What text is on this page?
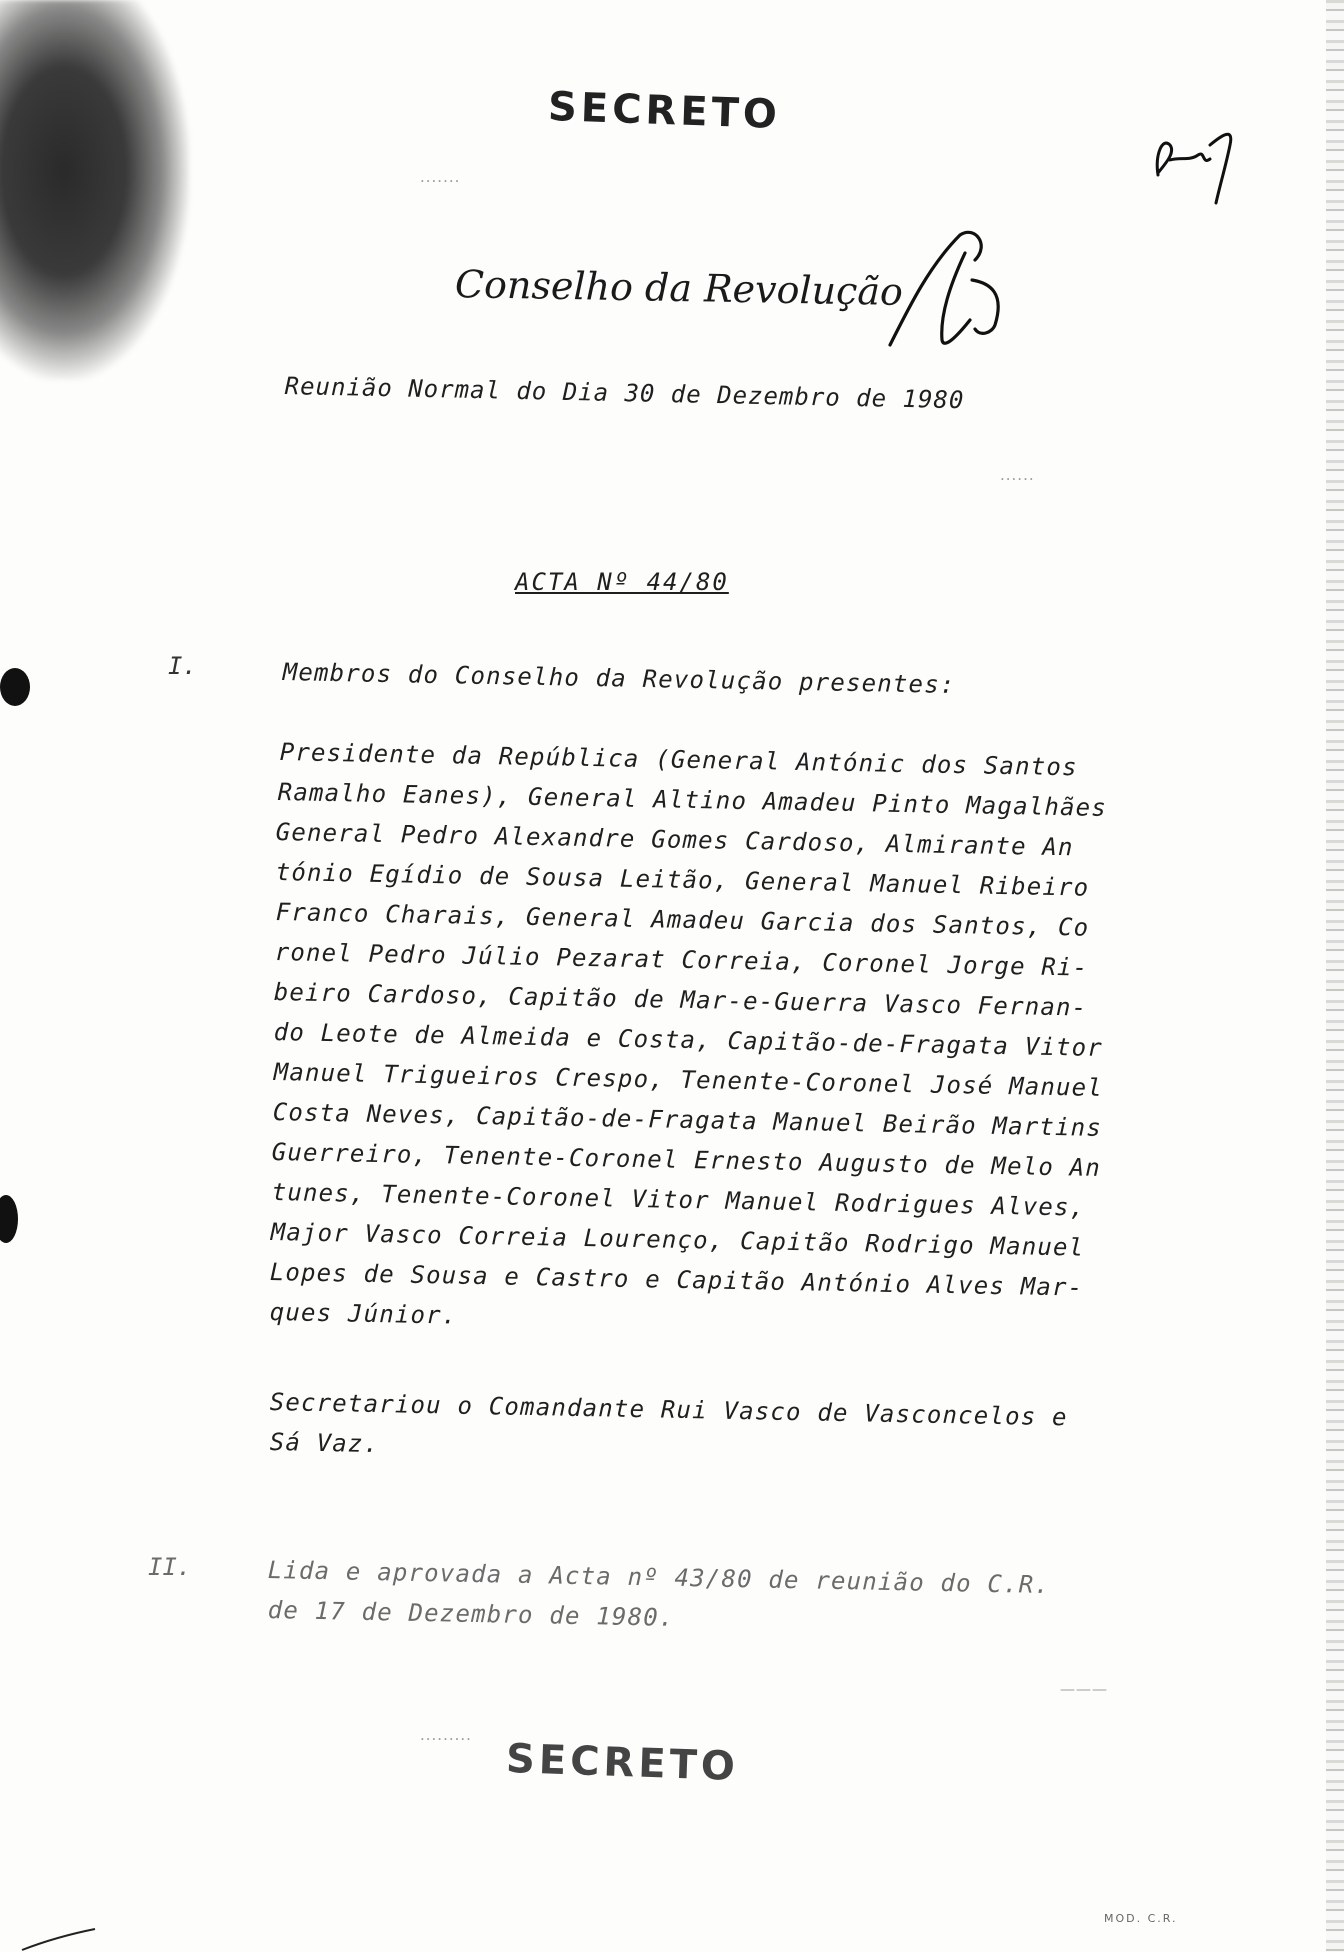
SECRETO
·······
Conselho da Revolução
Reunião Normal do Dia 30 de Dezembro de 1980
······
ACTA Nº 44/80
I.	Membros do Conselho da Revolução presentes:
Presidente da República (General Antónic dos Santos
Ramalho Eanes), General Altino Amadeu Pinto Magalhães
General Pedro Alexandre Gomes Cardoso, Almirante An
tónio Egídio de Sousa Leitão, General Manuel Ribeiro
Franco Charais, General Amadeu Garcia dos Santos, Co
ronel Pedro Júlio Pezarat Correia, Coronel Jorge Ri-
beiro Cardoso, Capitão de Mar-e-Guerra Vasco Fernan-
do Leote de Almeida e Costa, Capitão-de-Fragata Vitor
Manuel Trigueiros Crespo, Tenente-Coronel José Manuel
Costa Neves, Capitão-de-Fragata Manuel Beirão Martins
Guerreiro, Tenente-Coronel Ernesto Augusto de Melo An
tunes, Tenente-Coronel Vitor Manuel Rodrigues Alves,
Major Vasco Correia Lourenço, Capitão Rodrigo Manuel
Lopes de Sousa e Castro e Capitão António Alves Mar-
ques Júnior.
Secretariou o Comandante Rui Vasco de Vasconcelos e
Sá Vaz.
II.	Lida e aprovada a Acta nº 43/80 de reunião do C.R.
de 17 de Dezembro de 1980.
———
········· SECRETO
MOD. C.R.
